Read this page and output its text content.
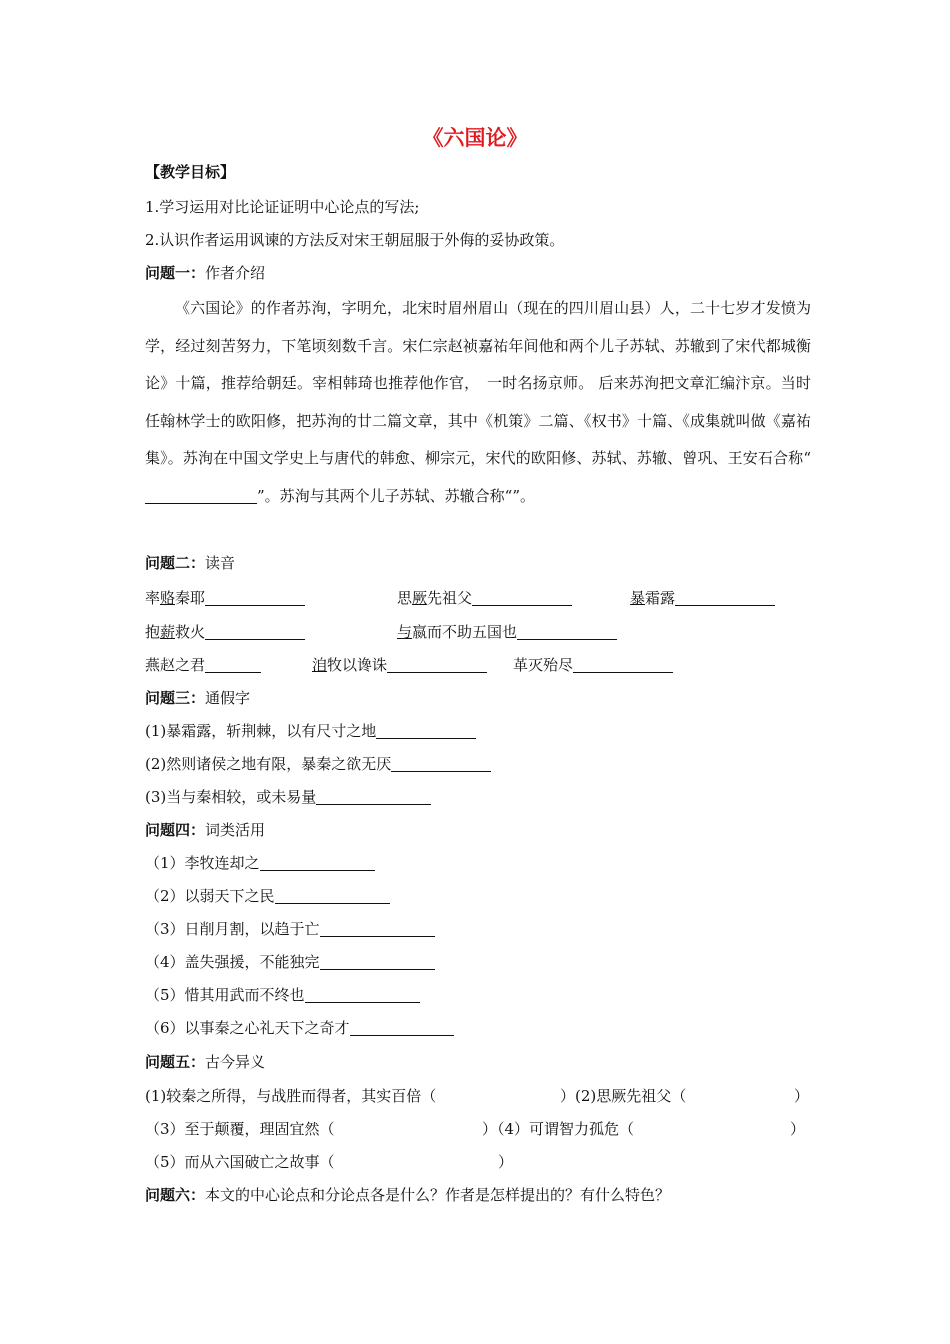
《六国论》
【教学目标】
1.学习运用对比论证证明中心论点的写法;
2.认识作者运用讽谏的方法反对宋王朝屈服于外侮的妥协政策。
问题一：作者介绍
《六国论》的作者苏洵，字明允，北宋时眉州眉山（现在的四川眉山县）人，二十七岁才发愤为学，经过刻苦努力，下笔顷刻数千言。宋仁宗赵祯嘉祐年间他和两个儿子苏轼、苏辙到了宋代都城衡论》十篇，推荐给朝廷。宰相韩琦也推荐他作官，　一时名扬京师。 后来苏洵把文章汇编汴京。当时任翰林学士的欧阳修，把苏洵的廿二篇文章，其中《机策》二篇、《权书》十篇、《成集就叫做《嘉祐集》。苏洵在中国文学史上与唐代的韩愈、柳宗元，宋代的欧阳修、苏轼、苏辙、曾巩、王安石合称“”。苏洵与其两个儿子苏轼、苏辙合称“”。
问题二：读音
率赂秦耶	思厥先祖父	暴霜露
抱薪救火	与嬴而不助五国也
燕赵之君	洎牧以谗诛	革灭殆尽
问题三：通假字
(1)暴霜露，斩荆棘，以有尺寸之地
(2)然则诸侯之地有限，暴秦之欲无厌
(3)当与秦相较，或未易量
问题四：词类活用
（1）李牧连却之
（2）以弱天下之民
（3）日削月割，以趋于亡
（4）盖失强援，不能独完
（5）惜其用武而不终也
（6）以事秦之心礼天下之奇才
问题五：古今异义
(1)较秦之所得，与战胜而得者，其实百倍（	）(2)思厥先祖父（	）
（3）至于颠覆，理固宜然（	）（4）可谓智力孤危（	）
（5）而从六国破亡之故事（	）
问题六：本文的中心论点和分论点各是什么？作者是怎样提出的？有什么特色？
